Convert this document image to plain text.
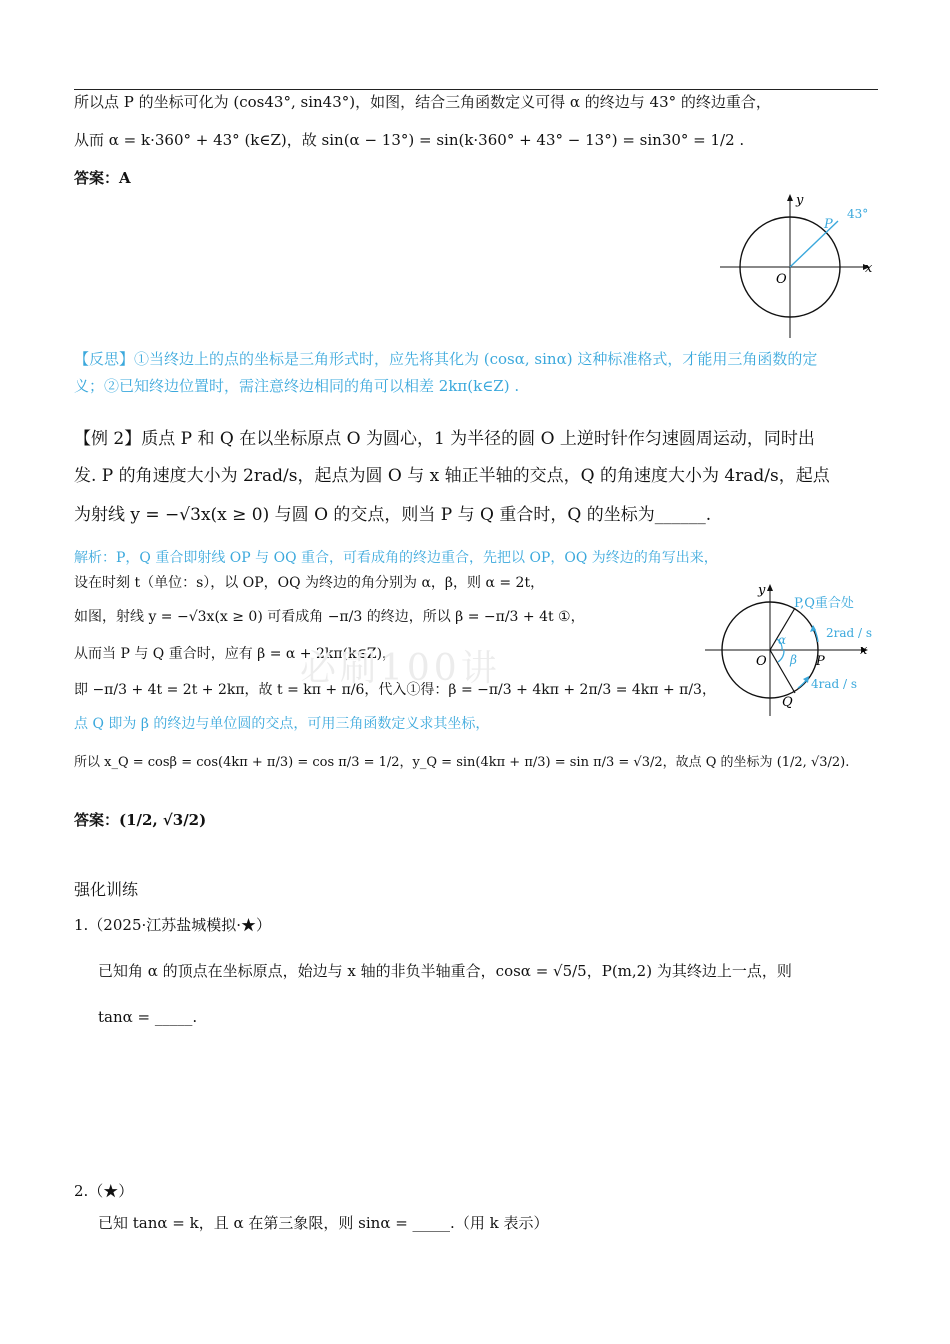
所以点 P 的坐标可化为 (cos43°, sin43°)，如图，结合三角函数定义可得 α 的终边与 43° 的终边重合，
从而 α = k·360° + 43° (k∈Z)，故 sin(α − 13°) = sin(k·360° + 43° − 13°) = sin30° = 1/2 .
答案：A
P
43°
O
x
y
【反思】①当终边上的点的坐标是三角形式时，应先将其化为 (cosα, sinα) 这种标准格式，才能用三角函数的定
义；②已知终边位置时，需注意终边相同的角可以相差 2kπ(k∈Z) .
【例 2】质点 P 和 Q 在以坐标原点 O 为圆心，1 为半径的圆 O 上逆时针作匀速圆周运动，同时出
发. P 的角速度大小为 2rad/s，起点为圆 O 与 x 轴正半轴的交点，Q 的角速度大小为 4rad/s，起点
为射线 y = −√3x(x ≥ 0) 与圆 O 的交点，则当 P 与 Q 重合时，Q 的坐标为______.
解析：P，Q 重合即射线 OP 与 OQ 重合，可看成角的终边重合，先把以 OP，OQ 为终边的角写出来，
设在时刻 t（单位：s），以 OP，OQ 为终边的角分别为 α，β，则 α = 2t，
如图，射线 y = −√3x(x ≥ 0) 可看成角 −π/3 的终边，所以 β = −π/3 + 4t ①，
从而当 P 与 Q 重合时，应有 β = α + 2kπ(k∈Z)，
即 −π/3 + 4t = 2t + 2kπ，故 t = kπ + π/6，代入①得：β = −π/3 + 4kπ + 2π/3 = 4kπ + π/3，
点 Q 即为 β 的终边与单位圆的交点，可用三角函数定义求其坐标，
所以 x_Q = cosβ = cos(4kπ + π/3) = cos π/3 = 1/2，y_Q = sin(4kπ + π/3) = sin π/3 = √3/2，故点 Q 的坐标为 (1/2, √3/2).
答案：(1/2, √3/2)
必刷100讲
α
β
P,Q重合处
2rad / s
4rad / s
O	P
Q
x
y
强化训练
1.（2025·江苏盐城模拟·★）
已知角 α 的顶点在坐标原点，始边与 x 轴的非负半轴重合，cosα = √5/5，P(m,2) 为其终边上一点，则
tanα = _____.
2.（★）
已知 tanα = k，且 α 在第三象限，则 sinα = _____.（用 k 表示）
